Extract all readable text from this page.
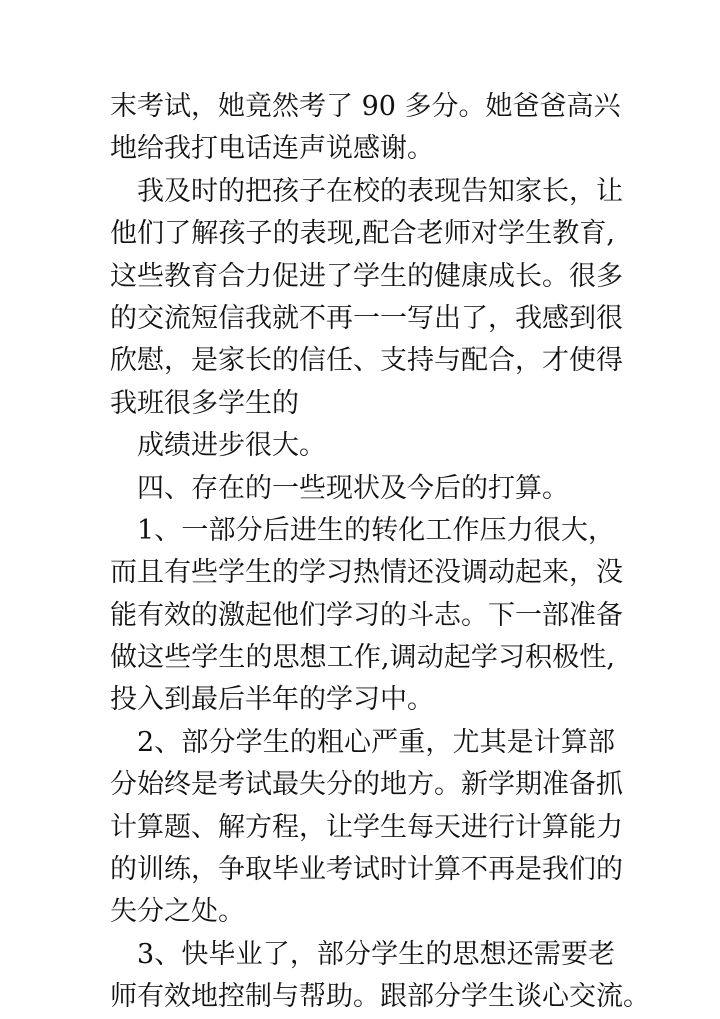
末考试，她竟然考了 90 多分。她爸爸高兴
地给我打电话连声说感谢。
我及时的把孩子在校的表现告知家长，让
他们了解孩子的表现,配合老师对学生教育,
这些教育合力促进了学生的健康成长。很多
的交流短信我就不再一一写出了，我感到很
欣慰，是家长的信任、支持与配合，才使得
我班很多学生的
成绩进步很大。
四、存在的一些现状及今后的打算。
1、一部分后进生的转化工作压力很大，
而且有些学生的学习热情还没调动起来，没
能有效的激起他们学习的斗志。下一部准备
做这些学生的思想工作,调动起学习积极性,
投入到最后半年的学习中。
2、部分学生的粗心严重，尤其是计算部
分始终是考试最失分的地方。新学期准备抓
计算题、解方程，让学生每天进行计算能力
的训练，争取毕业考试时计算不再是我们的
失分之处。
3、快毕业了，部分学生的思想还需要老
师有效地控制与帮助。跟部分学生谈心交流。
